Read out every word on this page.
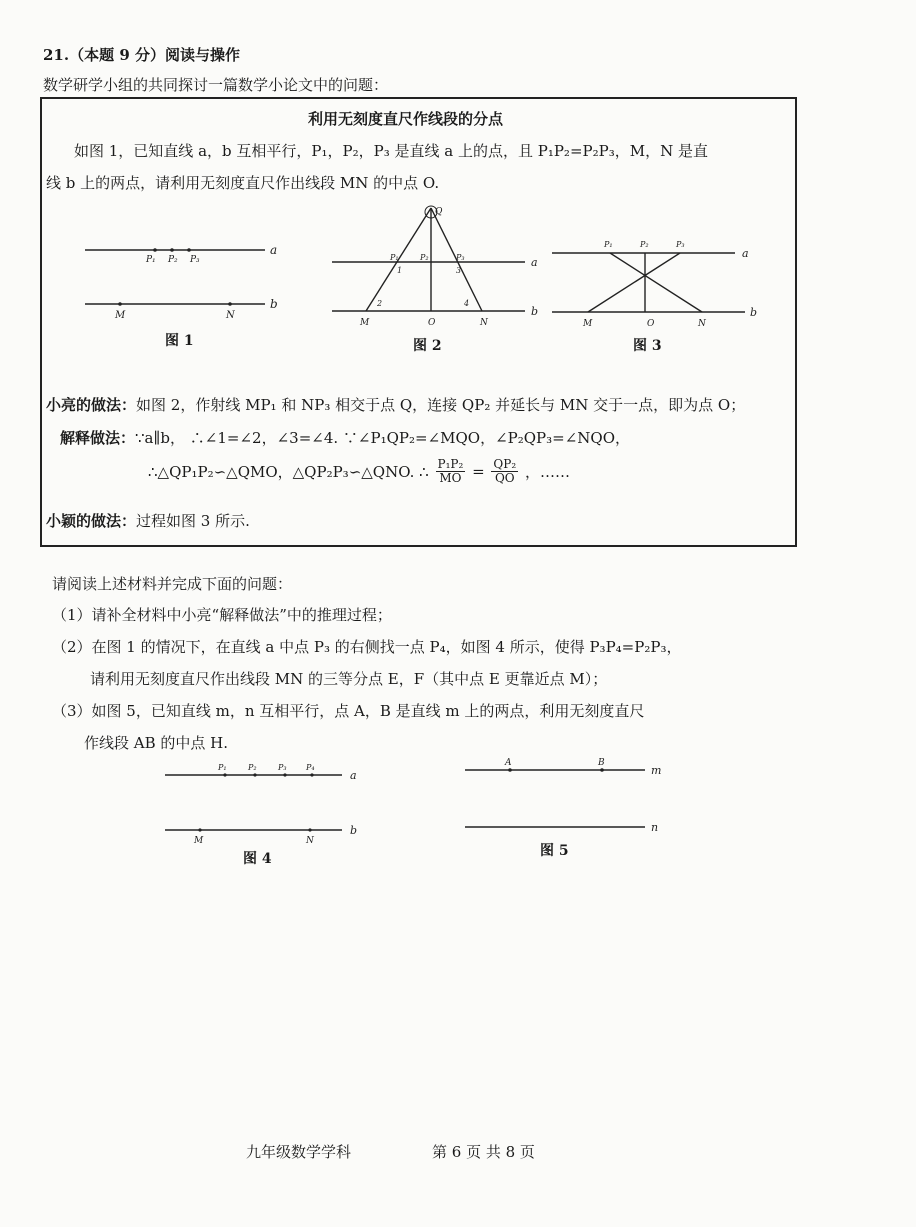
21.（本题 9 分）阅读与操作
数学研学小组的共同探讨一篇数学小论文中的问题：
利用无刻度直尺作线段的分点
如图 1，已知直线 a，b 互相平行，P₁，P₂，P₃ 是直线 a 上的点，且 P₁P₂=P₂P₃，M，N 是直
线 b 上的两点，请利用无刻度直尺作出线段 MN 的中点 O.
P₁ P₂ P₃
M	N
a
b
图 1
Q
P₁	P₂	P₃
1	3
2	4
M	O	N
a
b
图 2
P₁	P₂	P₃
M	O	N
a
b
图 3
小亮的做法：如图 2，作射线 MP₁ 和 NP₃ 相交于点 Q，连接 QP₂ 并延长与 MN 交于一点，即为点 O；
解释做法：∵a∥b， ∴∠1=∠2，∠3=∠4. ∵∠P₁QP₂=∠MQO，∠P₂QP₃=∠NQO，
∴△QP₁P₂∽△QMO，△QP₂P₃∽△QNO. ∴ $\frac{\text{P₁P₂}}{MO} = \frac{\text{QP₂}}{QO}$ ，……
小颖的做法：过程如图 3 所示.
请阅读上述材料并完成下面的问题：
（1）请补全材料中小亮“解释做法”中的推理过程；
（2）在图 1 的情况下，在直线 a 中点 P₃ 的右侧找一点 P₄，如图 4 所示，使得 P₃P₄=P₂P₃，
请利用无刻度直尺作出线段 MN 的三等分点 E，F（其中点 E 更靠近点 M）；
（3）如图 5，已知直线 m，n 互相平行，点 A，B 是直线 m 上的两点，利用无刻度直尺
作线段 AB 的中点 H.
P₁	P₂	P₃ P₄
M	N
a
b
图 4
A	B
m
n
图 5
九年级数学学科	第 6 页 共 8 页
